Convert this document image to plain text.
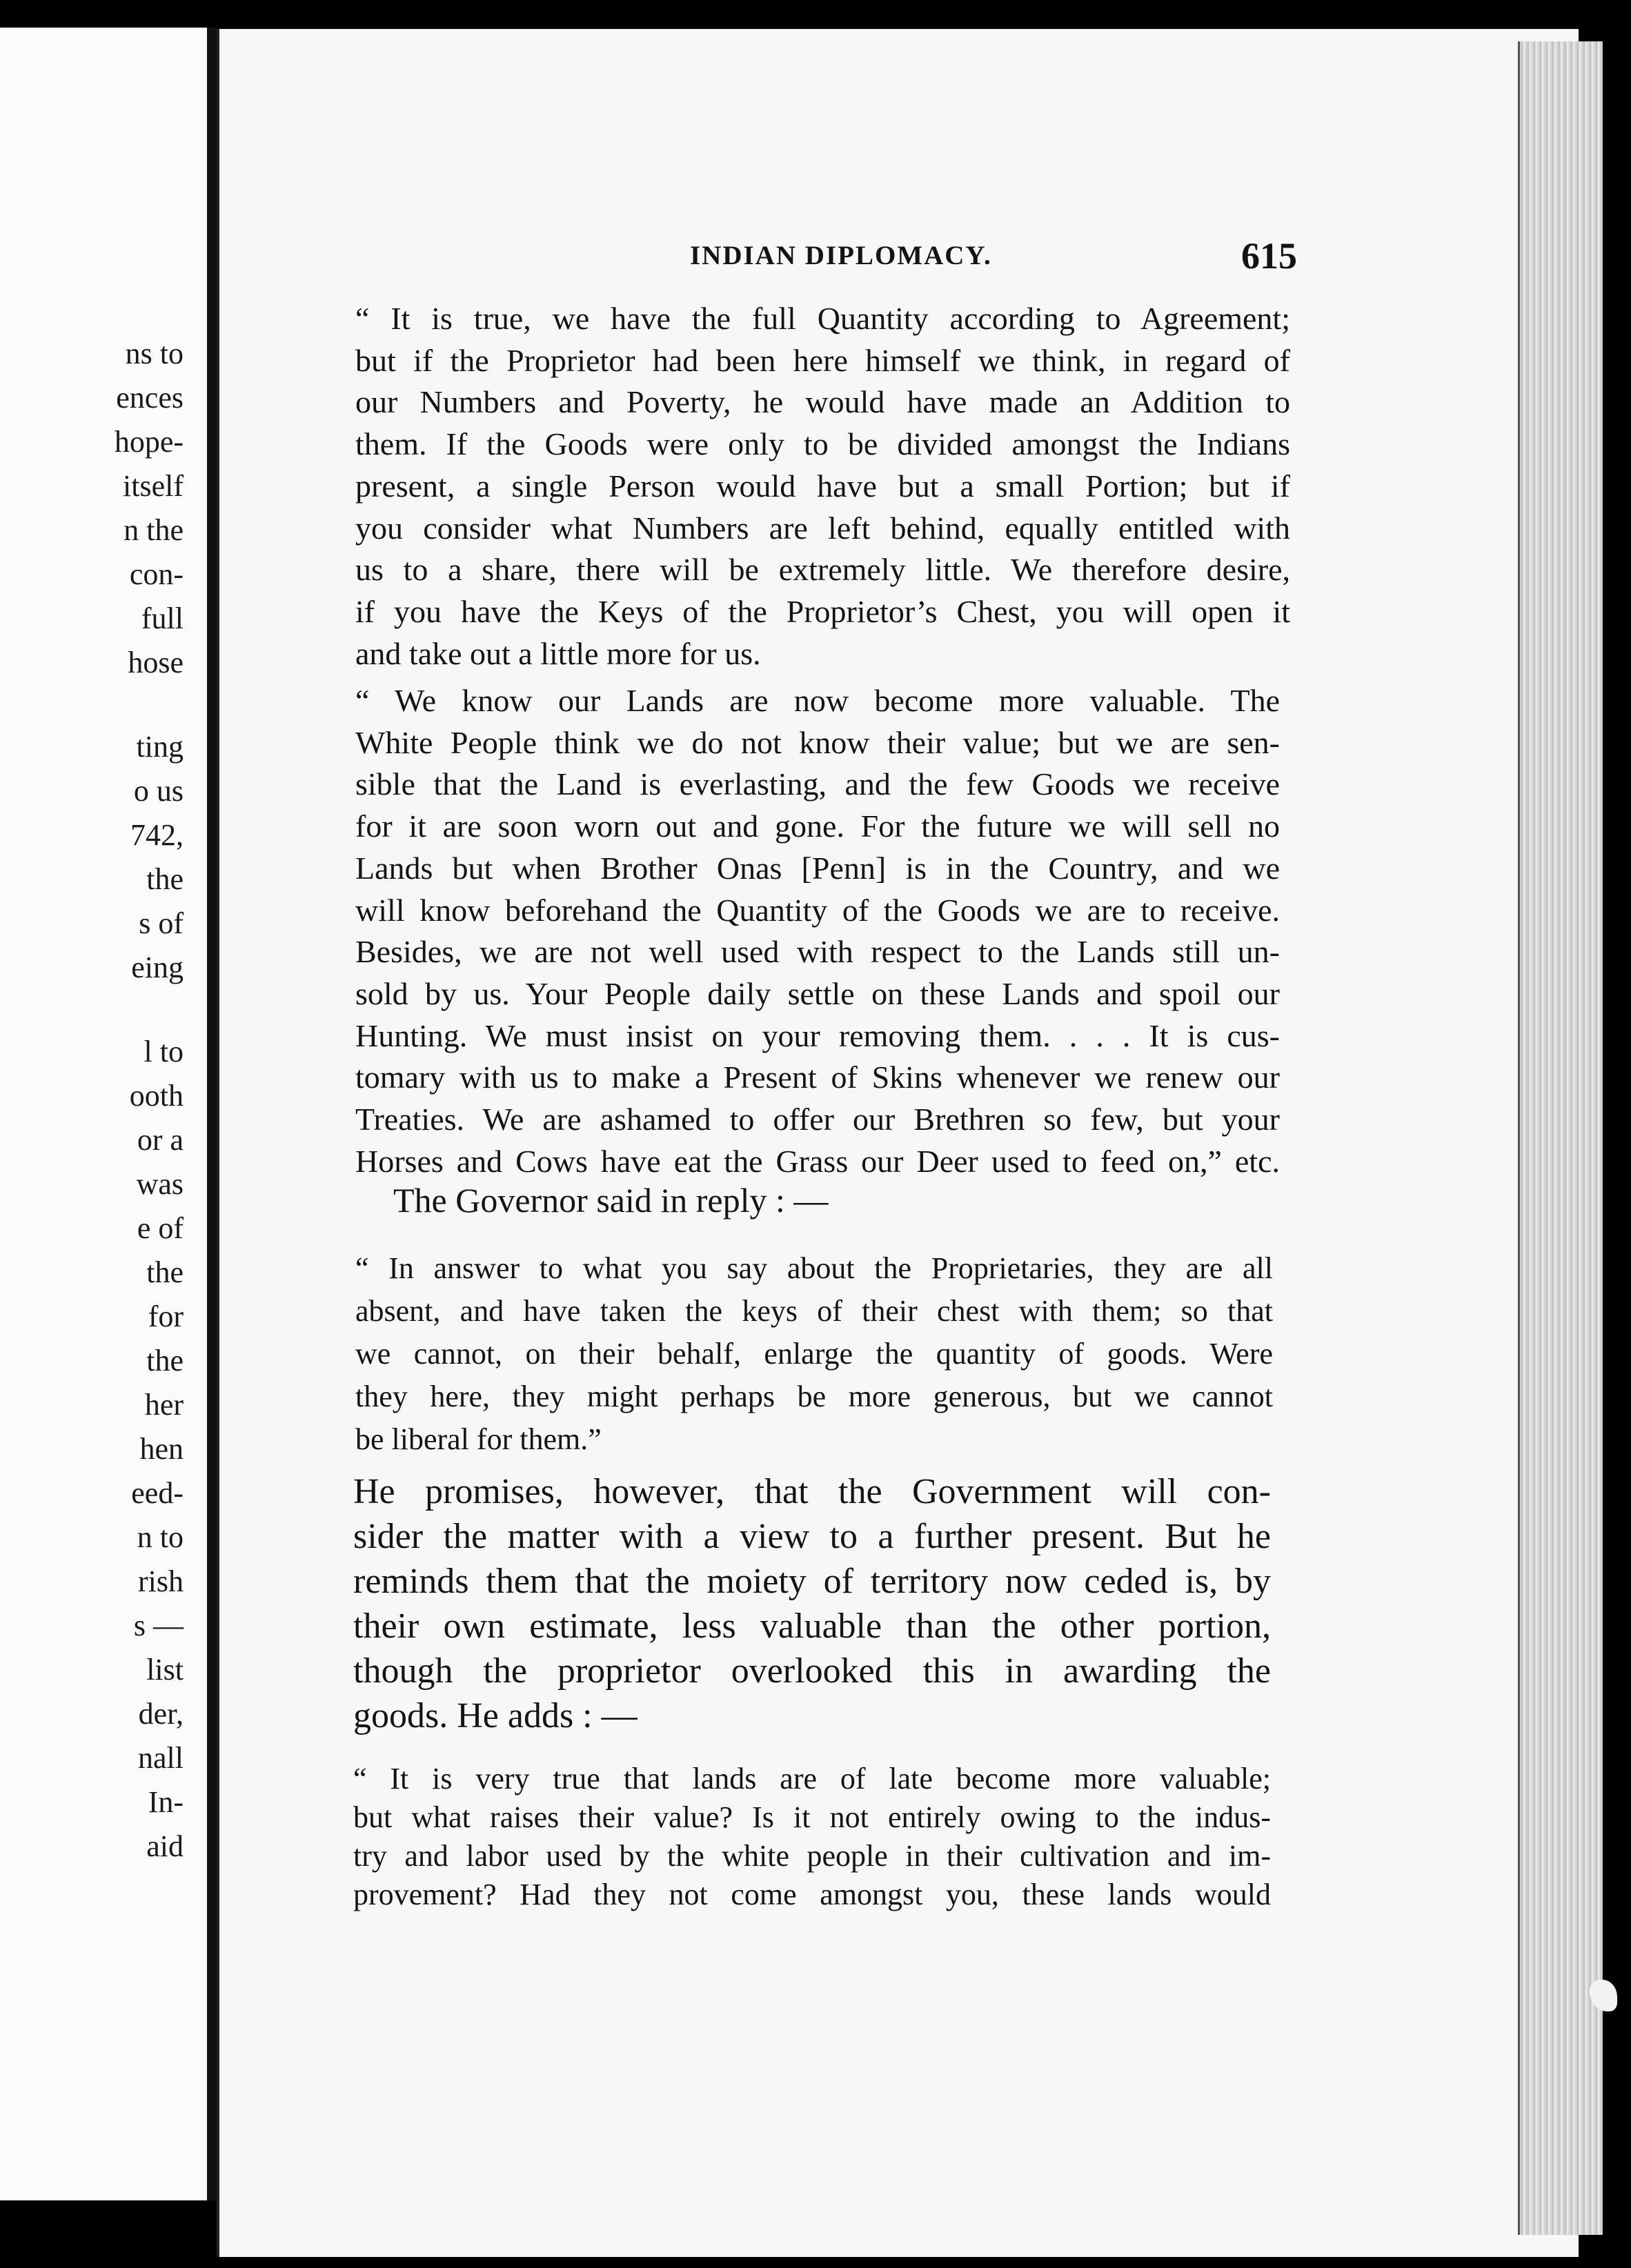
ns to
ences
hope-
itself
n the
con-
full
hose
ting
o us
742,
the
s of
eing
l to
ooth
or a
was
e of
the
for
the
her
hen
eed-
n to
rish
s —
list
der,
nall
In-
aid
INDIAN DIPLOMACY.	615
“ It is true, we have the full Quantity according to Agreement;
but if the Proprietor had been here himself we think, in regard of
our Numbers and Poverty, he would have made an Addition to
them. If the Goods were only to be divided amongst the Indians
present, a single Person would have but a small Portion; but if
you consider what Numbers are left behind, equally entitled with
us to a share, there will be extremely little. We therefore desire,
if you have the Keys of the Proprietor’s Chest, you will open it
and take out a little more for us.
“ We know our Lands are now become more valuable. The
White People think we do not know their value; but we are sen-
sible that the Land is everlasting, and the few Goods we receive
for it are soon worn out and gone. For the future we will sell no
Lands but when Brother Onas [Penn] is in the Country, and we
will know beforehand the Quantity of the Goods we are to receive.
Besides, we are not well used with respect to the Lands still un-
sold by us. Your People daily settle on these Lands and spoil our
Hunting. We must insist on your removing them. . . . It is cus-
tomary with us to make a Present of Skins whenever we renew our
Treaties. We are ashamed to offer our Brethren so few, but your
Horses and Cows have eat the Grass our Deer used to feed on,” etc.
The Governor said in reply : —
“ In answer to what you say about the Proprietaries, they are all
absent, and have taken the keys of their chest with them; so that
we cannot, on their behalf, enlarge the quantity of goods. Were
they here, they might perhaps be more generous, but we cannot
be liberal for them.”
He promises, however, that the Government will con-
sider the matter with a view to a further present. But he
reminds them that the moiety of territory now ceded is, by
their own estimate, less valuable than the other portion,
though the proprietor overlooked this in awarding the
goods. He adds : —
“ It is very true that lands are of late become more valuable;
but what raises their value? Is it not entirely owing to the indus-
try and labor used by the white people in their cultivation and im-
provement? Had they not come amongst you, these lands would
